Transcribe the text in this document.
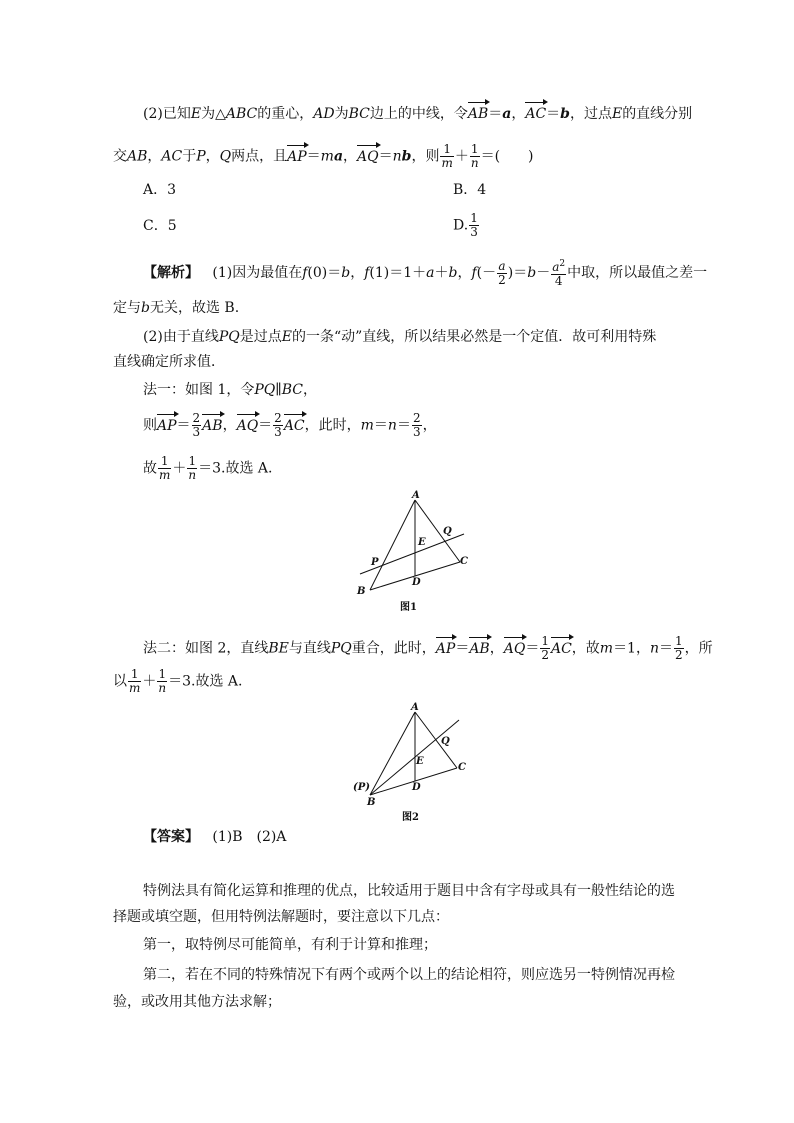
(2)已知E为△ABC的重心，AD为BC边上的中线，令AB＝a，AC＝b，过点E的直线分别
交AB，AC于P，Q两点，且AP＝ma，AQ＝nb，则 $\frac{1}{m} + \frac{1}{n}$ ＝(　　)
A．3	B．4
C．5	D. $\frac{1}{3}$
【解析】 (1)因为最值在f(0)＝b，f(1)＝1＋a＋b，$f(- \frac{a}{2} )=b- \frac{a^2}{4}$ 中取，所以最值之差一
定与b无关，故选 B.
(2)由于直线PQ是过点E的一条“动”直线，所以结果必然是一个定值．故可利用特殊
直线确定所求值．
法一：如图 1，令PQ∥BC，
则$AP= \frac{2}{3}$ AB，$AQ= \frac{2}{3}$ AC，此时，$m=n= \frac{2}{3}$ ，
故 $\frac{1}{m} + \frac{1}{n} =3$.故选 A.
A
B
C
D
E
P
Q
图1
法二：如图 2，直线BE与直线PQ重合，此时，AP＝AB，$AQ= \frac{1}{2}$ AC，故m＝1，$n= \frac{1}{2}$ ，所
以 $\frac{1}{m} + \frac{1}{n} =3$.故选 A.
A
B
C
D
E
(P)
Q
图2
【答案】 (1)B　(2)A
特例法具有简化运算和推理的优点，比较适用于题目中含有字母或具有一般性结论的选
择题或填空题，但用特例法解题时，要注意以下几点：
第一，取特例尽可能简单，有利于计算和推理；
第二，若在不同的特殊情况下有两个或两个以上的结论相符，则应选另一特例情况再检
验，或改用其他方法求解；
